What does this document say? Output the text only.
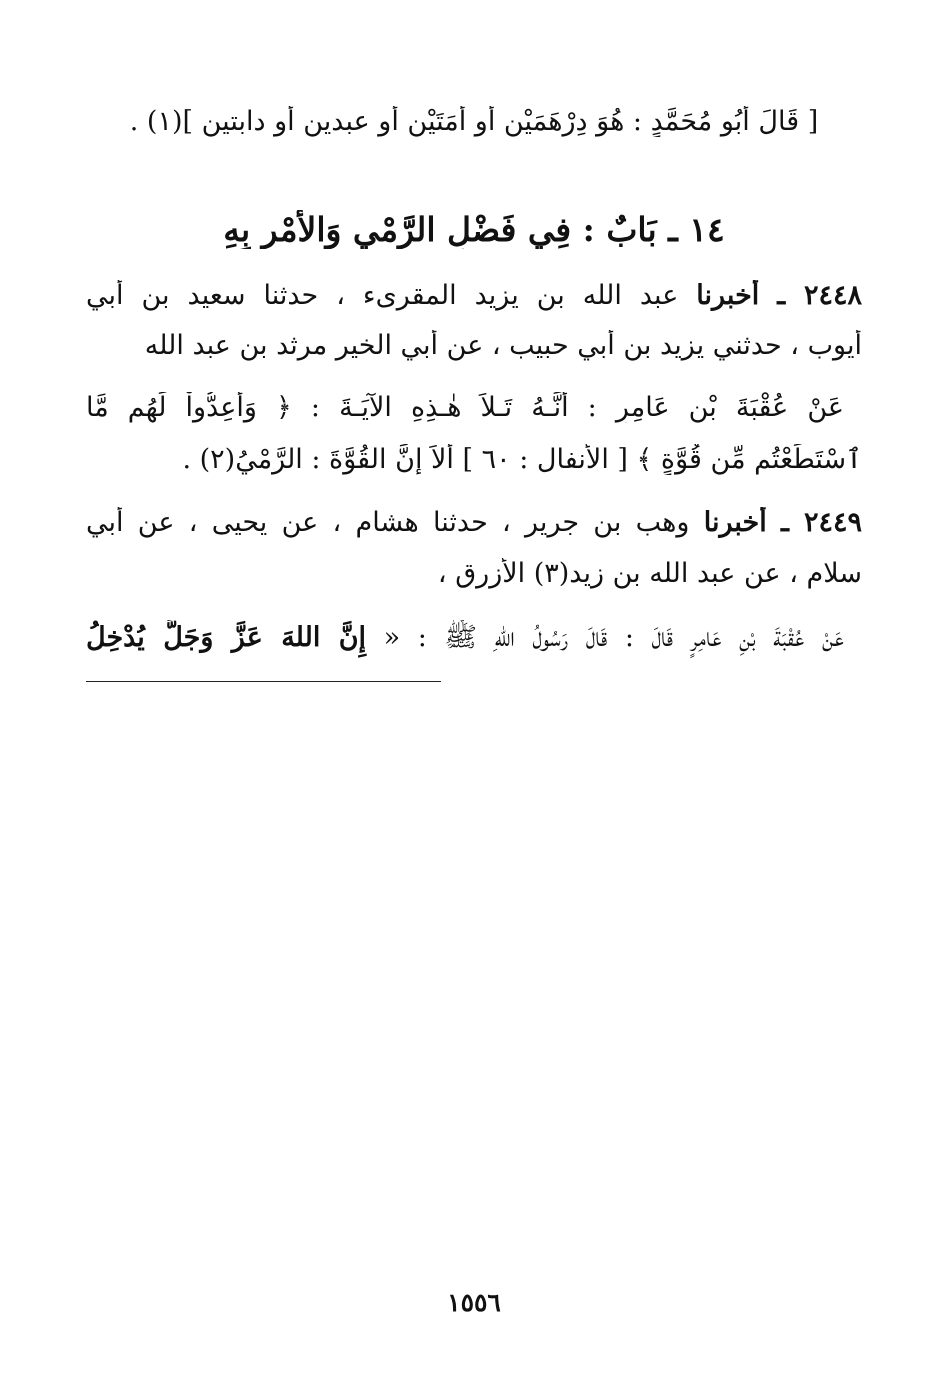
[ قَالَ أَبُو مُحَمَّدٍ : هُوَ دِرْهَمَيْنِ أو أَمَتَيْنِ أو عبدين أو دابتين ](١) .
١٤ ـ بَابٌ : فِي فَضْلِ الرَّمْيِ وَالأَمْرِ بِهِ
٢٤٤٨ ـ أخبرنا عبد الله بن يزيد المقرىء ، حدثنا سعيد بن أبي
أيوب ، حدثني يزيد بن أبي حبيب ، عن أبي الخير مرثد بن عبد الله
عَنْ عُقْبَةَ بْنِ عَامِرٍ : أَنَّـهُ تَـلاَ هٰـذِهِ الآيَـةَ : ﴿ وَأَعِدُّواْ لَهُم مَّا
ٱسْتَطَعْتُم مِّن قُوَّةٍ ﴾ [ الأنفال : ٦٠ ] أَلاَ إِنَّ القُوَّةَ : الرَّمْيُ(٢) .
٢٤٤٩ ـ أخبرنا وهب بن جرير ، حدثنا هشام ، عن يحيى ، عن أبي
سلام ، عن عبد الله بن زيد(٣) الأزرق ،
عَنْ عُقْبَةَ بْنِ عَامِرٍ قَالَ : قَالَ رَسُولُ اللهِ ﷺ : « إِنَّ اللهَ عَزَّ وَجَلَّ يُدْخِلُ
١٥٥٦
